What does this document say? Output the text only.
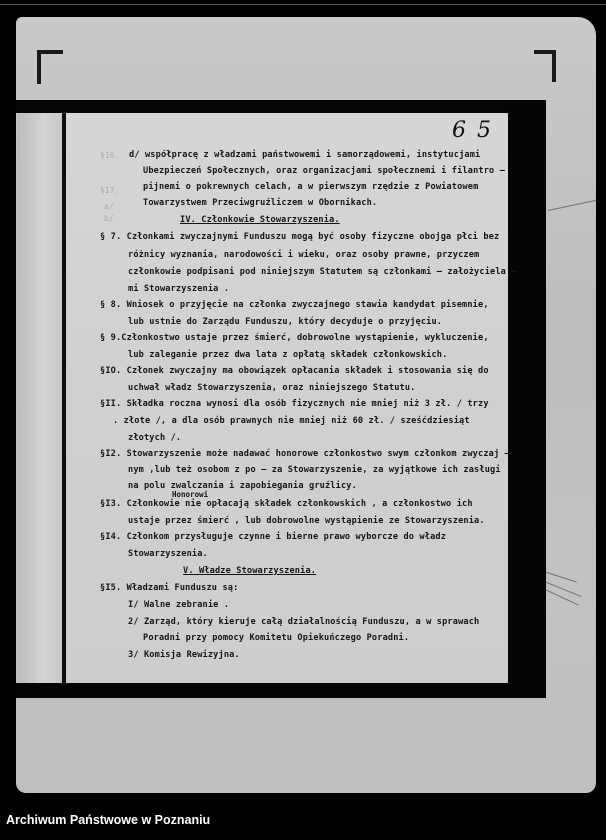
§16.
§17.
a/
b/
6 5
d/ współpracę z władzami państwowemi i samorządowemi, instytucjami
Ubezpieczeń Społecznych, oraz organizacjami społecznemi i filantro –
pijnemi o pokrewnych celach, a w pierwszym rzędzie z Powiatowem
Towarzystwem Przeciwgruźliczem w Obornikach.
IV. Członkowie Stowarzyszenia.
§ 7. Członkami zwyczajnymi Funduszu mogą być osoby fizyczne obojga płci bez
różnicy wyznania, narodowości i wieku, oraz osoby prawne, przyczem
członkowie podpisani pod niniejszym Statutem są członkami – założyciela –
mi Stowarzyszenia .
§ 8. Wniosek o przyjęcie na członka zwyczajnego stawia kandydat pisemnie,
lub ustnie do Zarządu Funduszu, który decyduje o przyjęciu.
§ 9.Członkostwo ustaje przez śmierć, dobrowolne wystąpienie, wykluczenie,
lub zaleganie przez dwa lata z opłatą składek członkowskich.
§IO. Członek zwyczajny ma obowiązek opłacania składek i stosowania się do
uchwał władz Stowarzyszenia, oraz niniejszego Statutu.
§II. Składka roczna wynosi dla osób fizycznych nie mniej niż 3 zł. / trzy
. złote /, a dla osób prawnych nie mniej niż 60 zł. / sześćdziesiąt
złotych /.
§I2. Stowarzyszenie może nadawać honorowe członkostwo swym członkom zwyczaj –
nym ,lub też osobom z po – za Stowarzyszenie, za wyjątkowe ich zasługi
na polu zwalczania i zapobiegania gruźlicy.
Honorowi
§I3. Członkowie nie opłacają składek członkowskich , a członkostwo ich
ustaje przez śmierć , lub dobrowolne wystąpienie ze Stowarzyszenia.
§I4. Członkom przysługuje czynne i bierne prawo wyborcze do władz
Stowarzyszenia.
V. Władze Stowarzyszenia.
§I5. Władzami Funduszu są:
I/ Walne zebranie .
2/ Zarząd, który kieruje całą działalnością Funduszu, a w sprawach
Poradni przy pomocy Komitetu Opiekuńczego Poradni.
3/ Komisja Rewizyjna.
Archiwum Państwowe w Poznaniu
